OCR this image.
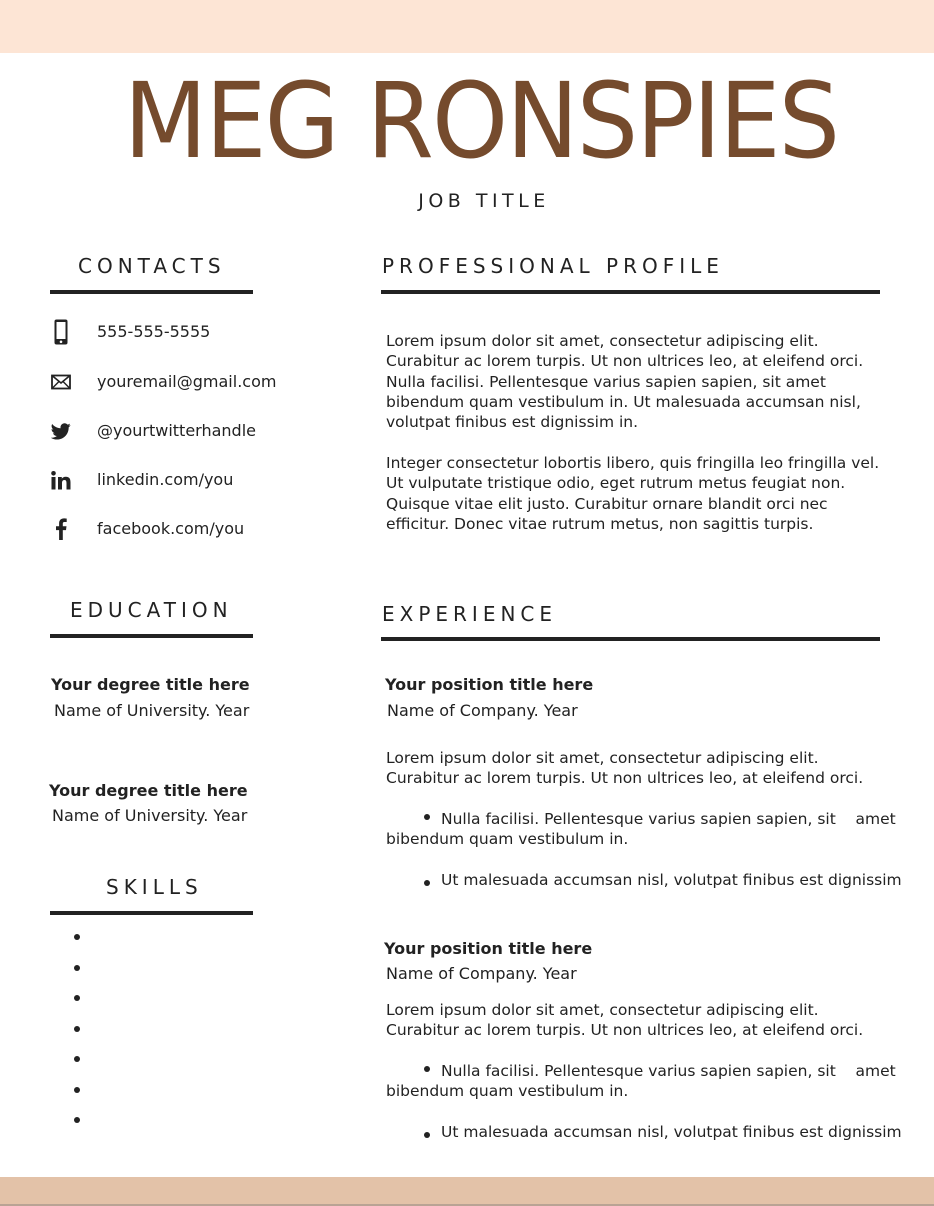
MEG RONSPIES
JOB TITLE
CONTACTS
555-555-5555
youremail@gmail.com
@yourtwitterhandle
linkedin.com/you
facebook.com/you
EDUCATION
Your degree title here
Name of University. Year
Your degree title here
Name of University. Year
SKILLS
PROFESSIONAL PROFILE
Lorem ipsum dolor sit amet, consectetur adipiscing elit. Curabitur ac lorem turpis. Ut non ultrices leo, at eleifend orci. Nulla facilisi. Pellentesque varius sapien sapien, sit amet bibendum quam vestibulum in. Ut malesuada accumsan nisl, volutpat finibus est dignissim in.
Integer consectetur lobortis libero, quis fringilla leo fringilla vel. Ut vulputate tristique odio, eget rutrum metus feugiat non. Quisque vitae elit justo. Curabitur ornare blandit orci nec efficitur. Donec vitae rutrum metus, non sagittis turpis.
EXPERIENCE
Your position title here
Name of Company. Year
Lorem ipsum dolor sit amet, consectetur adipiscing elit. Curabitur ac lorem turpis. Ut non ultrices leo, at eleifend orci.
Nulla facilisi. Pellentesque varius sapien sapien, sit    amet
bibendum quam vestibulum in.
Ut malesuada accumsan nisl, volutpat finibus est dignissim
Your position title here
Name of Company. Year
Lorem ipsum dolor sit amet, consectetur adipiscing elit. Curabitur ac lorem turpis. Ut non ultrices leo, at eleifend orci.
Nulla facilisi. Pellentesque varius sapien sapien, sit    amet
bibendum quam vestibulum in.
Ut malesuada accumsan nisl, volutpat finibus est dignissim
